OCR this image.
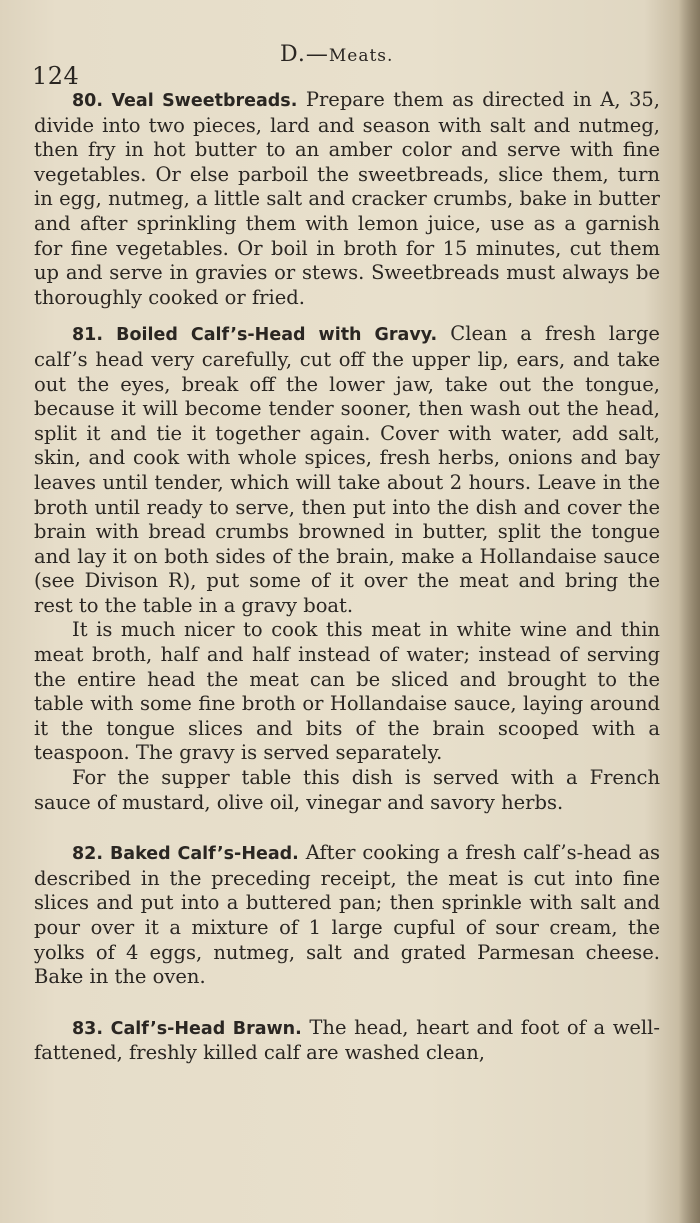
124
D.—Meats.

80. Veal Sweetbreads. Prepare them as directed in A, 35, divide into two pieces, lard and season with salt and nutmeg, then fry in hot butter to an amber color and serve with fine vegetables. Or else parboil the sweetbreads, slice them, turn in egg, nutmeg, a little salt and cracker crumbs, bake in butter and after sprinkling them with lemon juice, use as a garnish for fine vegetables. Or boil in broth for 15 minutes, cut them up and serve in gravies or stews. Sweetbreads must always be thoroughly cooked or fried.

81. Boiled Calf’s-Head with Gravy. Clean a fresh large calf’s head very carefully, cut off the upper lip, ears, and take out the eyes, break off the lower jaw, take out the tongue, because it will become tender sooner, then wash out the head, split it and tie it together again. Cover with water, add salt, skin, and cook with whole spices, fresh herbs, onions and bay leaves until tender, which will take about 2 hours. Leave in the broth until ready to serve, then put into the dish and cover the brain with bread crumbs browned in butter, split the tongue and lay it on both sides of the brain, make a Hollandaise sauce (see Divison R), put some of it over the meat and bring the rest to the table in a gravy boat.

It is much nicer to cook this meat in white wine and thin meat broth, half and half instead of water; instead of serving the entire head the meat can be sliced and brought to the table with some fine broth or Hollandaise sauce, laying around it the tongue slices and bits of the brain scooped with a teaspoon. The gravy is served separately.

For the supper table this dish is served with a French sauce of mustard, olive oil, vinegar and savory herbs.

82. Baked Calf’s-Head. After cooking a fresh calf’s-head as described in the preceding receipt, the meat is cut into fine slices and put into a buttered pan; then sprinkle with salt and pour over it a mixture of 1 large cupful of sour cream, the yolks of 4 eggs, nutmeg, salt and grated Parmesan cheese. Bake in the oven.

83. Calf’s-Head Brawn. The head, heart and foot of a well-fattened, freshly killed calf are washed clean,
